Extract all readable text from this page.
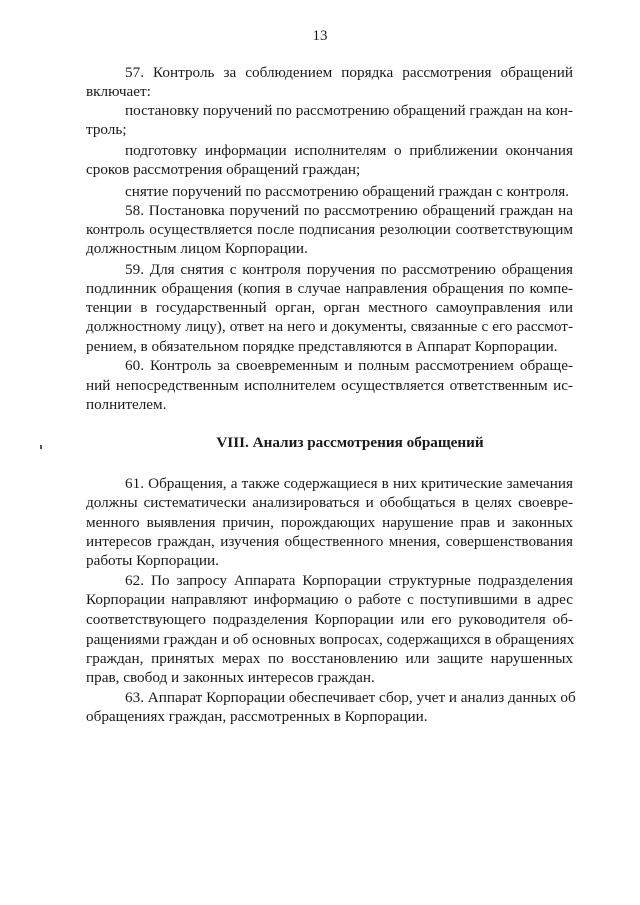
13
57. Контроль за соблюдением порядка рассмотрения обращений
включает:
постановку поручений по рассмотрению обращений граждан на кон-
троль;
подготовку информации исполнителям о приближении окончания
сроков рассмотрения обращений граждан;
снятие поручений по рассмотрению обращений граждан с контроля.
58. Постановка поручений по рассмотрению обращений граждан на
контроль осуществляется после подписания резолюции соответствующим
должностным лицом Корпорации.
59. Для снятия с контроля поручения по рассмотрению обращения
подлинник обращения (копия в случае направления обращения по компе-
тенции в государственный орган, орган местного самоуправления или
должностному лицу), ответ на него и документы, связанные с его рассмот-
рением, в обязательном порядке представляются в Аппарат Корпорации.
60. Контроль за своевременным и полным рассмотрением обраще-
ний непосредственным исполнителем осуществляется ответственным ис-
полнителем.
VIII. Анализ рассмотрения обращений
61. Обращения, а также содержащиеся в них критические замечания
должны систематически анализироваться и обобщаться в целях своевре-
менного выявления причин, порождающих нарушение прав и законных
интересов граждан, изучения общественного мнения, совершенствования
работы Корпорации.
62. По запросу Аппарата Корпорации структурные подразделения
Корпорации направляют информацию о работе с поступившими в адрес
соответствующего подразделения Корпорации или его руководителя об-
ращениями граждан и об основных вопросах, содержащихся в обращениях
граждан, принятых мерах по восстановлению или защите нарушенных
прав, свобод и законных интересов граждан.
63. Аппарат Корпорации обеспечивает сбор, учет и анализ данных об
обращениях граждан, рассмотренных в Корпорации.
